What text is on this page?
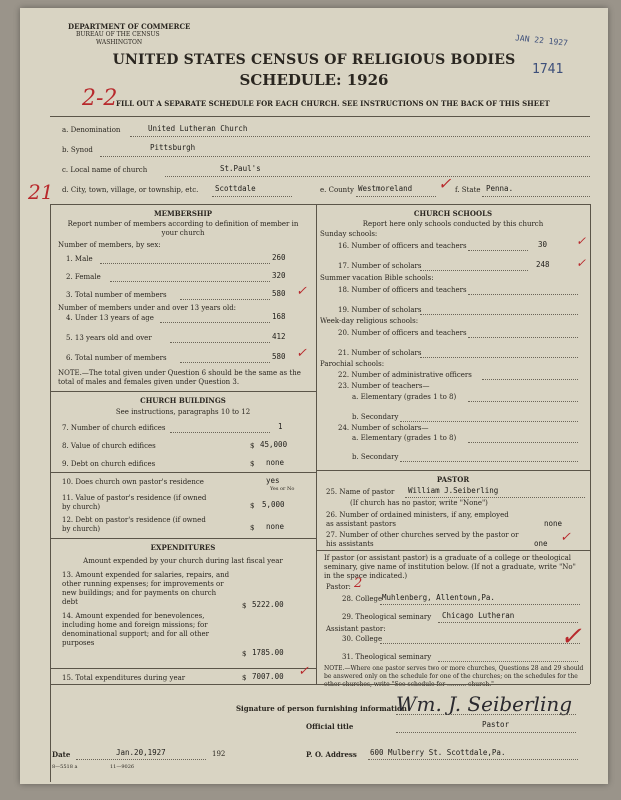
DEPARTMENT OF COMMERCE
BUREAU OF THE CENSUS
WASHINGTON	JAN 22 1927
1741
UNITED STATES CENSUS OF RELIGIOUS BODIES
SCHEDULE: 1926
2-2
FILL OUT A SEPARATE SCHEDULE FOR EACH CHURCH. SEE INSTRUCTIONS ON THE BACK OF THIS SHEET
21
a. Denomination	United Lutheran Church
b. Synod	Pittsburgh
c. Local name of church	St.Paul's
d. City, town, village, or township, etc. Scottdale	e. County Westmoreland ✓ f. State Penna.
MEMBERSHIP
Report number of members according to definition of member in your church
Number of members, by sex:
1. Male	260
2. Female	320
3. Total number of members	580 ✓
Number of members under and over 13 years old:
4. Under 13 years of age	168
5. 13 years old and over	412
6. Total number of members	580 ✓
NOTE.—The total given under Question 6 should be the same as the total of males and females given under Question 3.
CHURCH BUILDINGS
See instructions, paragraphs 10 to 12
7. Number of church edifices	1
8. Value of church edifices	$ 45,000
9. Debt on church edifices	$ none
10. Does church own pastor's residence	yes
Yes or No
11. Value of pastor's residence (if owned by church)	$ 5,000
12. Debt on pastor's residence (if owned by church)	$ none
EXPENDITURES
Amount expended by your church during last fiscal year
13. Amount expended for salaries, repairs, and other running expenses; for improvements or new buildings; and for payments on church debt	$ 5222.00
14. Amount expended for benevolences, including home and foreign missions; for denominational support; and for all other purposes
$ 1785.00
15. Total expenditures during year	$ 7007.00 ✓
CHURCH SCHOOLS
Report here only schools conducted by this church
Sunday schools:
16. Number of officers and teachers	30 ✓
17. Number of scholars	248 ✓
Summer vacation Bible schools:
18. Number of officers and teachers
19. Number of scholars
Week-day religious schools:
20. Number of officers and teachers
21. Number of scholars
Parochial schools:
22. Number of administrative officers
23. Number of teachers—
a. Elementary (grades 1 to 8)
b. Secondary
24. Number of scholars—
a. Elementary (grades 1 to 8)
b. Secondary
PASTOR
25. Name of pastor William J.Seiberling
(If church has no pastor, write "None")
26. Number of ordained ministers, if any, employed as assistant pastors	none
27. Number of other churches served by the pastor or his assistants	one ✓
If pastor (or assistant pastor) is a graduate of a college or theological seminary, give name of institution below. (If not a graduate, write "No" in the space indicated.)
Pastor: 2
28. College Muhlenberg, Allentown,Pa.
29. Theological seminary Chicago Lutheran
Assistant pastor:
30. College
31. Theological seminary
✓
NOTE.—Where one pastor serves two or more churches, Questions 28 and 29 should be answered only on the schedule for one of the churches; on the schedules for the other churches, write "See schedule for .......... church."
Signature of person furnishing information
Wm. J. Seiberling
Official title	Pastor
Date	Jan.20,1927	192	P. O. Address 600 Mulberry St. Scottdale,Pa.
8—5518 a	11—9026
